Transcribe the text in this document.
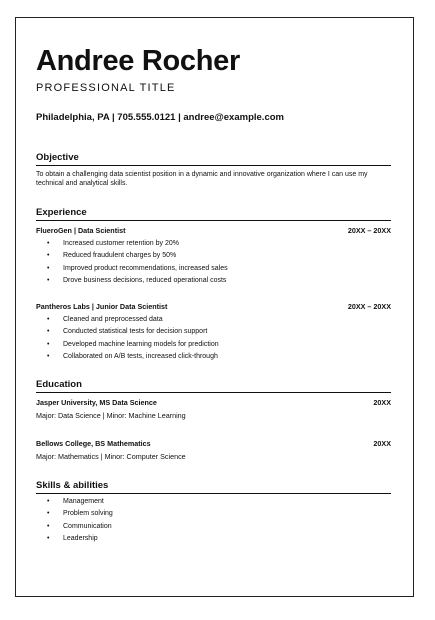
Andree Rocher
PROFESSIONAL TITLE
Philadelphia, PA | 705.555.0121 | andree@example.com
Objective
To obtain a challenging data scientist position in a dynamic and innovative organization where I can use my technical and analytical skills.
Experience
FlueroGen | Data Scientist	20XX – 20XX
• Increased customer retention by 20%
• Reduced fraudulent charges by 50%
• Improved product recommendations, increased sales
• Drove business decisions, reduced operational costs
Pantheros Labs | Junior Data Scientist	20XX – 20XX
• Cleaned and preprocessed data
• Conducted statistical tests for decision support
• Developed machine learning models for prediction
• Collaborated on A/B tests, increased click-through
Education
Jasper University, MS Data Science	20XX
Major: Data Science | Minor: Machine Learning
Bellows College, BS Mathematics	20XX
Major: Mathematics | Minor: Computer Science
Skills & abilities
• Management
• Problem solving
• Communication
• Leadership
